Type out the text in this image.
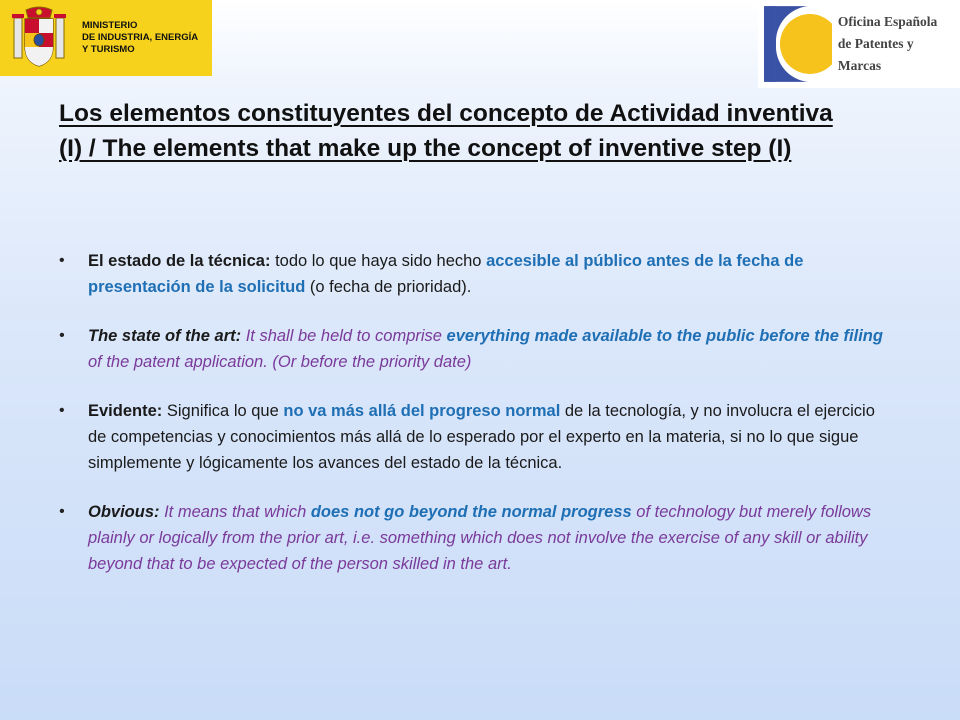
MINISTERIO
DE INDUSTRIA, ENERGÍA
Y TURISMO
Oficina Española
de Patentes y Marcas
Los elementos constituyentes del concepto de Actividad inventiva (I) / The elements that make up the concept of inventive step (I)
• El estado de la técnica: todo lo que haya sido hecho accesible al público antes de la fecha de presentación de la solicitud (o fecha de prioridad).
• The state of the art: It shall be held to comprise everything made available to the public before the filing of the patent application. (Or before the priority date)
• Evidente: Significa lo que no va más allá del progreso normal de la tecnología, y no involucra el ejercicio de competencias y conocimientos más allá de lo esperado por el experto en la materia, si no lo que sigue simplemente y lógicamente los avances del estado de la técnica.
• Obvious: It means that which does not go beyond the normal progress of technology but merely follows plainly or logically from the prior art, i.e. something which does not involve the exercise of any skill or ability beyond that to be expected of the person skilled in the art.
